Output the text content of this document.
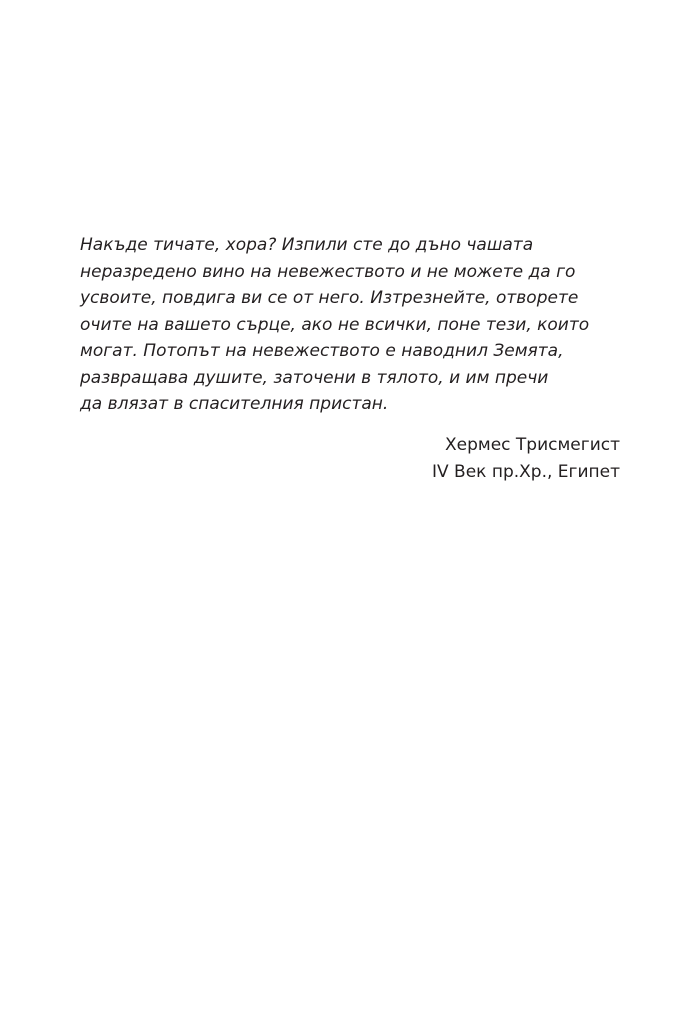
Накъде тичате, хора? Изпили сте до дъно чашата
неразредено вино на невежеството и не можете да го
усвоите, повдига ви се от него. Изтрезнейте, отворете
очите на вашето сърце, ако не всички, поне тези, които
могат. Потопът на невежеството е наводнил Земята,
развращава душите, заточени в тялото, и им пречи
да влязат в спасителния пристан.

Хермес Трисмегист
IV Век пр.Хр., Египет
